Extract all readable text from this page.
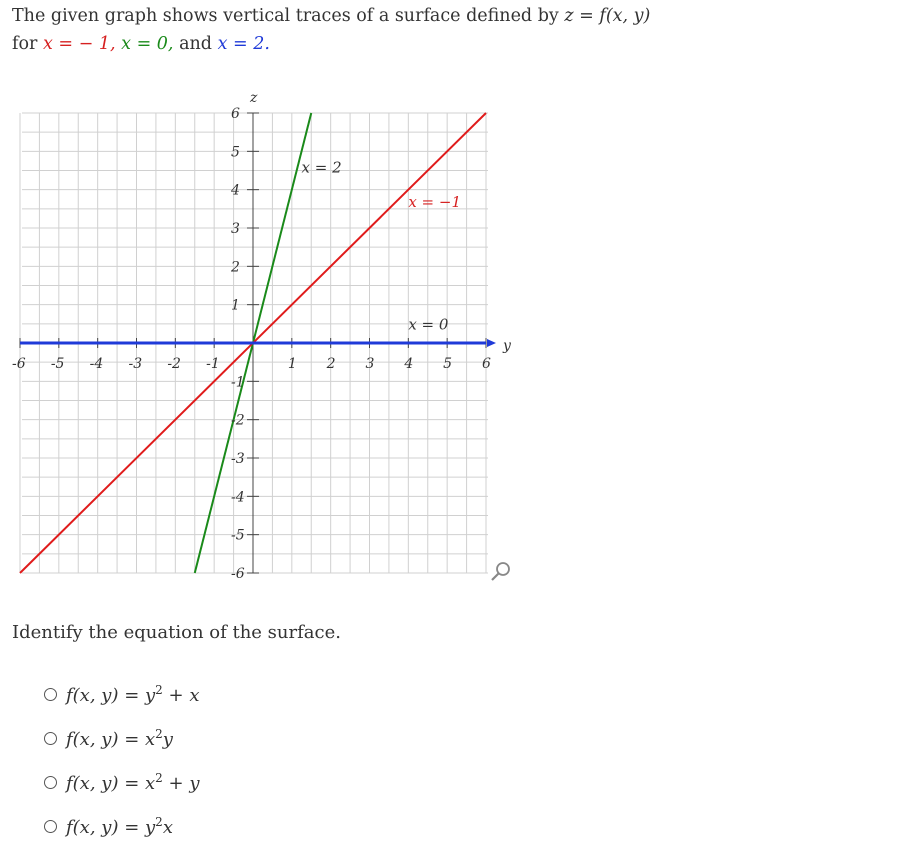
The given graph shows vertical traces of a surface defined by z = f(x, y)
for x = − 1, x = 0, and x = 2.
-6 -5 -4 -3 -2 -1	1 2 3 4 5 6
6
5
4
3
2
1
-1
-2
-3
-4
-5
-6
z
y
x = 2
x = −1
x = 0
Identify the equation of the surface.
f(x, $y) = y^2 + x$
f(x, $y) = x^2y$
f(x, $y) = x^2 + y$
f(x, $y) = y^2x$
